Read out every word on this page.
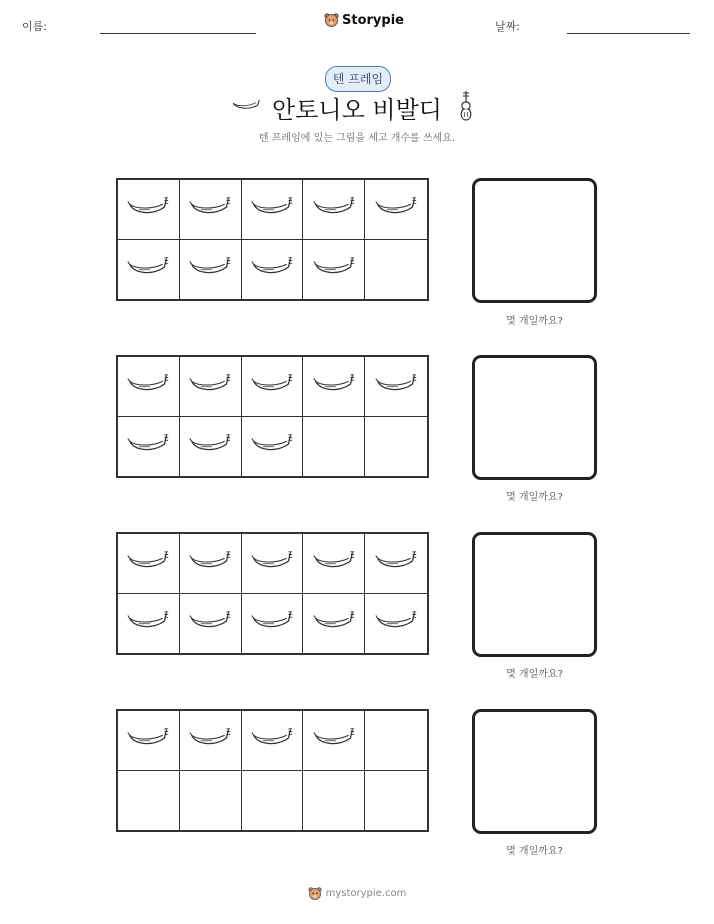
이름:	Storypie	날짜:
텐 프레임
안토니오 비발디
텐 프레임에 있는 그림을 세고 개수를 쓰세요.
몇 개일까요?
몇 개일까요?
몇 개일까요?
몇 개일까요?
mystorypie.com
